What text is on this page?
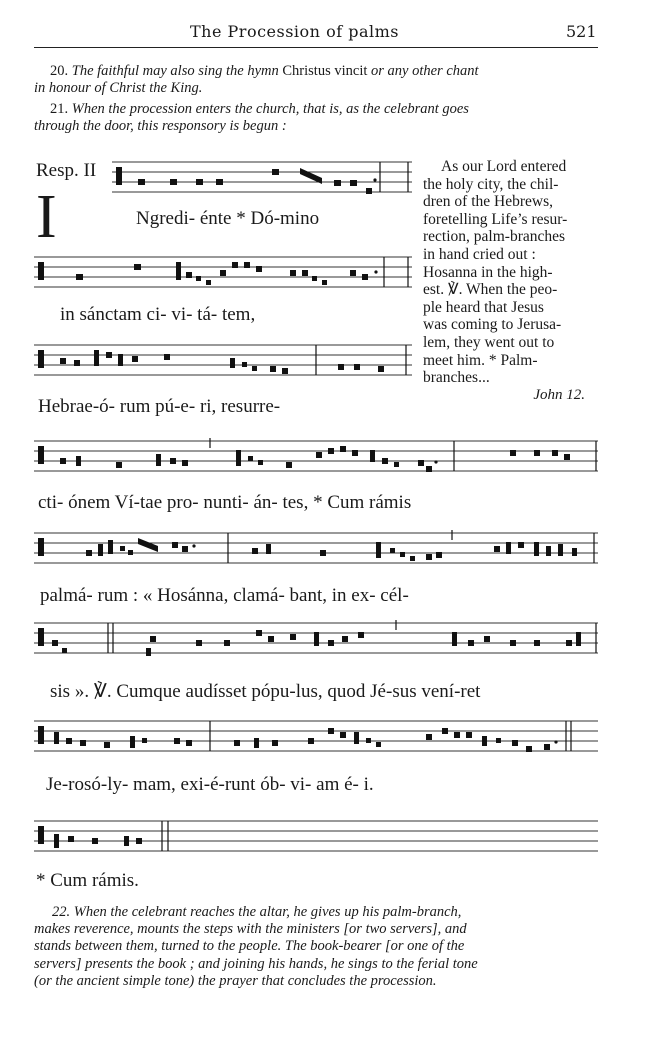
The Procession of palms	521
20. The faithful may also sing the hymn Christus vincit or any other chant
in honour of Christ the King.
21. When the procession enters the church, that is, as the celebrant goes
through the door, this responsory is begun :
Resp. II
I	Ngredi- énte * Dó-mino
in sánctam ci- vi- tá- tem,
Hebrae-ó- rum pú-e- ri, resurre-
As our Lord entered
the holy city, the chil-
dren of the Hebrews,
foretelling Life’s resur-
rection, palm-branches
in hand cried out :
Hosanna in the high-
est. ℣. When the peo-
ple heard that Jesus
was coming to Jerusa-
lem, they went out to
meet him. * Palm-
branches...
John 12.
cti- ónem Ví-tae pro- nunti- án- tes, * Cum rámis
palmá- rum : « Hosánna, clamá- bant, in ex- cél-
sis ». ℣. Cumque audísset pópu-lus, quod Jé-sus vení-ret
Je-rosó-ly- mam, exi-é-runt ób- vi- am é- i.
* Cum rámis.
22. When the celebrant reaches the altar, he gives up his palm-branch,
makes reverence, mounts the steps with the ministers [or two servers], and
stands between them, turned to the people. The book-bearer [or one of the
servers] presents the book ; and joining his hands, he sings to the ferial tone
(or the ancient simple tone) the prayer that concludes the procession.
